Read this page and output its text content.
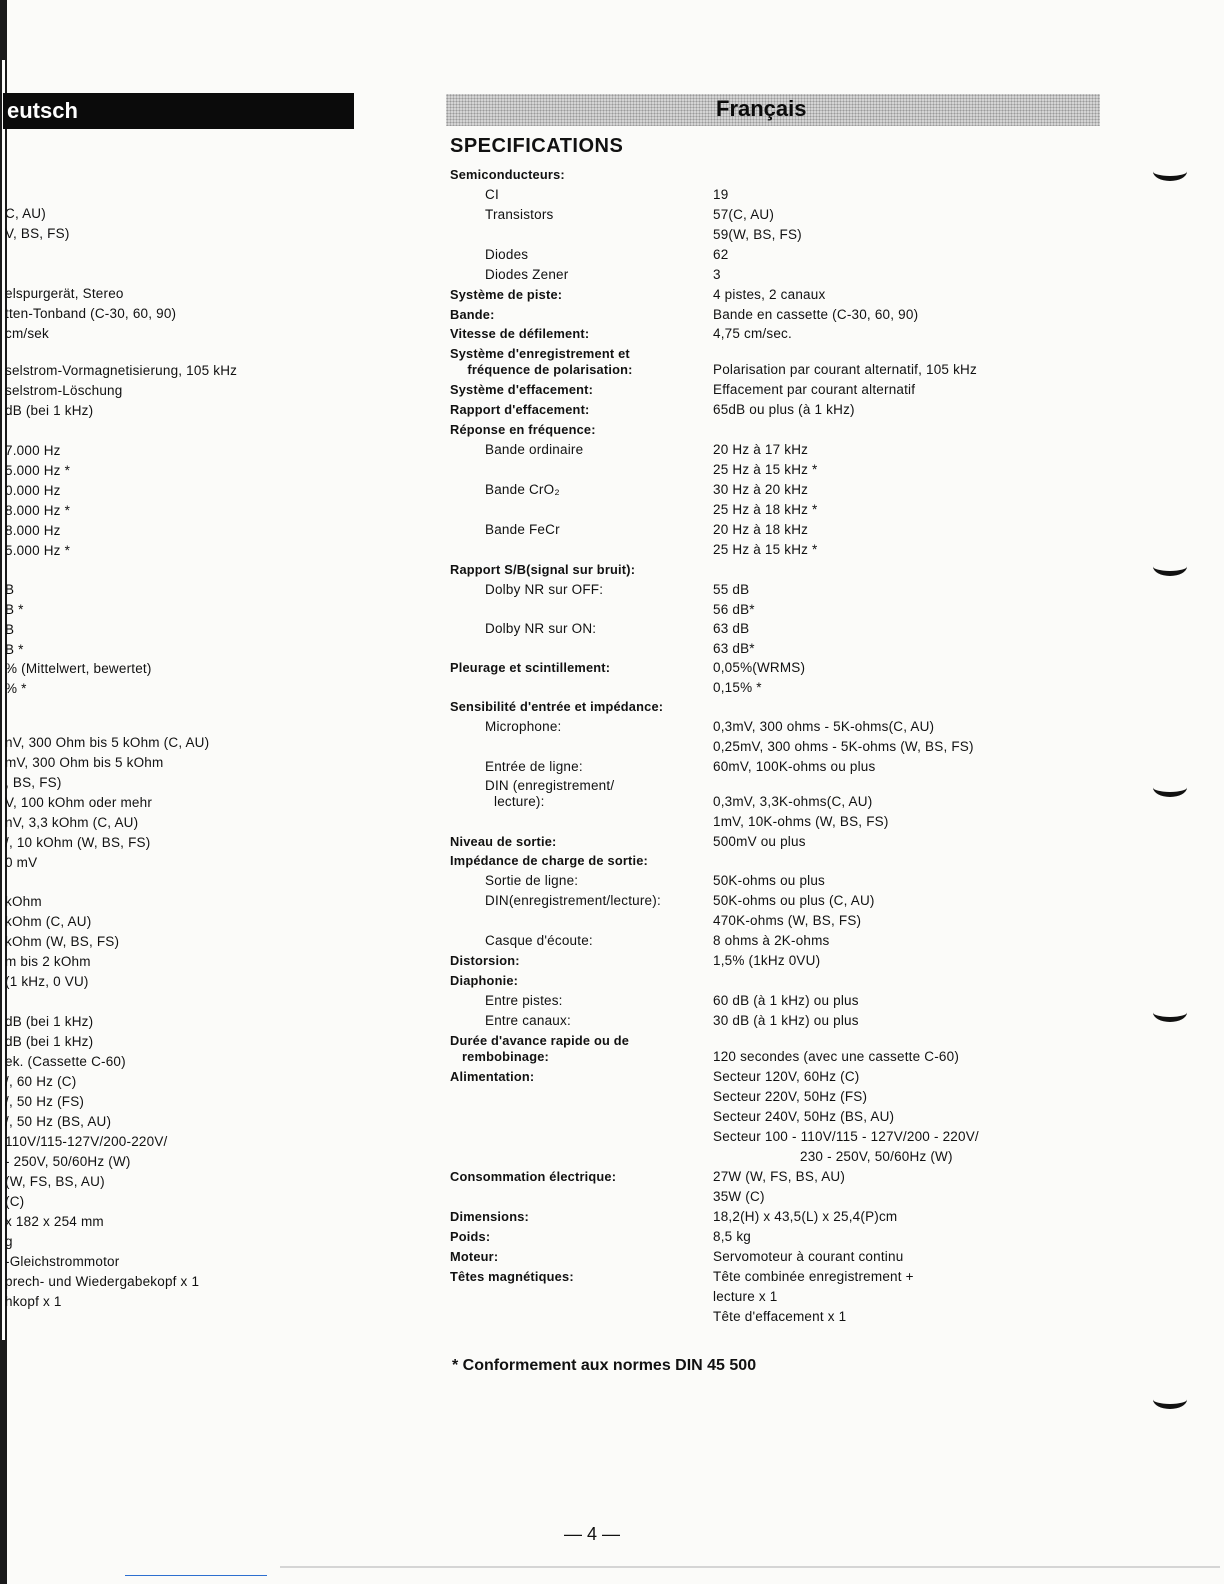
eutsch
C, AU)
V, BS, FS)
elspurgerät, Stereo
tten-Tonband (C-30, 60, 90)
cm/sek
selstrom-Vormagnetisierung, 105 kHz
selstrom-Löschung
dB (bei 1 kHz)
7.000 Hz
5.000 Hz *
0.000 Hz
8.000 Hz *
8.000 Hz
5.000 Hz *
B
B *
B
B *
% (Mittelwert, bewertet)
% *
nV, 300 Ohm bis 5 kOhm (C, AU)
mV, 300 Ohm bis 5 kOhm
, BS, FS)
V, 100 kOhm oder mehr
nV, 3,3 kOhm (C, AU)
/, 10 kOhm (W, BS, FS)
0 mV
kOhm
kOhm (C, AU)
kOhm (W, BS, FS)
m bis 2 kOhm
(1 kHz, 0 VU)
dB (bei 1 kHz)
dB (bei 1 kHz)
ek. (Cassette C-60)
/, 60 Hz (C)
/, 50 Hz (FS)
/, 50 Hz (BS, AU)
110V/115-127V/200-220V/
- 250V, 50/60Hz (W)
(W, FS, BS, AU)
(C)
x 182 x 254 mm
g
-Gleichstrommotor
prech- und Wiedergabekopf x 1
hkopf x 1
Français
SPECIFICATIONS
Semiconducteurs:
CI	19
Transistors	57(C, AU)
59(W, BS, FS)
Diodes	62
Diodes Zener	3
Système de piste:	4 pistes, 2 canaux
Bande:	Bande en cassette (C-30, 60, 90)
Vitesse de défilement:	4,75 cm/sec.
Système d'enregistrement et
fréquence de polarisation:	Polarisation par courant alternatif, 105 kHz
Système d'effacement:	Effacement par courant alternatif
Rapport d'effacement:	65dB ou plus (à 1 kHz)
Réponse en fréquence:
Bande ordinaire	20 Hz à 17 kHz
25 Hz à 15 kHz *
Bande CrO₂	30 Hz à 20 kHz
25 Hz à 18 kHz *
Bande FeCr	20 Hz à 18 kHz
25 Hz à 15 kHz *
Rapport S/B(signal sur bruit):
Dolby NR sur OFF:	55 dB
56 dB*
Dolby NR sur ON:	63 dB
63 dB*
Pleurage et scintillement:	0,05%(WRMS)
0,15% *
Sensibilité d'entrée et impédance:
Microphone:	0,3mV, 300 ohms - 5K-ohms(C, AU)
0,25mV, 300 ohms - 5K-ohms (W, BS, FS)
Entrée de ligne:	60mV, 100K-ohms ou plus
DIN (enregistrement/
lecture):	0,3mV, 3,3K-ohms(C, AU)
1mV, 10K-ohms (W, BS, FS)
Niveau de sortie:	500mV ou plus
Impédance de charge de sortie:
Sortie de ligne:	50K-ohms ou plus
DIN(enregistrement/lecture):	50K-ohms ou plus (C, AU)
470K-ohms (W, BS, FS)
Casque d'écoute:	8 ohms à 2K-ohms
Distorsion:	1,5% (1kHz 0VU)
Diaphonie:
Entre pistes:	60 dB (à 1 kHz) ou plus
Entre canaux:	30 dB (à 1 kHz) ou plus
Durée d'avance rapide ou de
rembobinage:	120 secondes (avec une cassette C-60)
Alimentation:	Secteur 120V, 60Hz (C)
Secteur 220V, 50Hz (FS)
Secteur 240V, 50Hz (BS, AU)
Secteur 100 - 110V/115 - 127V/200 - 220V/
230 - 250V, 50/60Hz (W)
Consommation électrique:	27W (W, FS, BS, AU)
35W (C)
Dimensions:	18,2(H) x 43,5(L) x 25,4(P)cm
Poids:	8,5 kg
Moteur:	Servomoteur à courant continu
Têtes magnétiques:	Tête combinée enregistrement +
lecture x 1
Tête d'effacement x 1
* Conformement aux normes DIN 45 500
— 4 —
